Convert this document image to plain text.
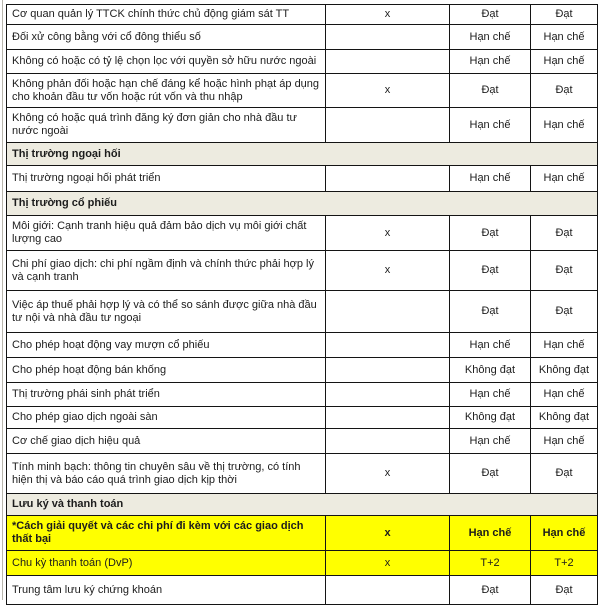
Cơ quan quản lý TTCK chính thức chủ động giám sát TT	x	Đạt	Đạt
Đối xử công bằng với cổ đông thiểu số		Hạn chế	Hạn chế
Không có hoặc có tỷ lệ chọn lọc với quyền sở hữu nước ngoài		Hạn chế	Hạn chế
Không phản đối hoặc hạn chế đáng kể hoặc hình phạt áp dụng cho khoản đầu tư vốn hoặc rút vốn và thu nhập	x	Đạt	Đạt
Không có hoặc quá trình đăng ký đơn giản cho nhà đầu tư nước ngoài		Hạn chế	Hạn chế
Thị trường ngoại hối			
Thị trường ngoại hối phát triển		Hạn chế	Hạn chế
Thị trường cổ phiếu			
Môi giới: Cạnh tranh hiệu quả đảm bảo dịch vụ môi giới chất lượng cao	x	Đạt	Đạt
Chi phí giao dịch: chi phí ngầm định và chính thức phải hợp lý và cạnh tranh	x	Đạt	Đạt
Việc áp thuế phải hợp lý và có thể so sánh được giữa nhà đầu tư nội và nhà đầu tư ngoại		Đạt	Đạt
Cho phép hoạt động vay mượn cổ phiếu		Hạn chế	Hạn chế
Cho phép hoạt động bán khống		Không đạt	Không đạt
Thị trường phái sinh phát triển		Hạn chế	Hạn chế
Cho phép giao dịch ngoài sàn		Không đạt	Không đạt
Cơ chế giao dịch hiệu quả		Hạn chế	Hạn chế
Tính minh bạch: thông tin chuyên sâu về thị trường, có tính hiện thị và báo cáo quá trình giao dịch kịp thời	x	Đạt	Đạt
Lưu ký và thanh toán			
*Cách giải quyết và các chi phí đi kèm với các giao dịch thất bại	x	Hạn chế	Hạn chế
Chu kỳ thanh toán (DvP)	x	T+2	T+2
Trung tâm lưu ký chứng khoán		Đạt	Đạt
